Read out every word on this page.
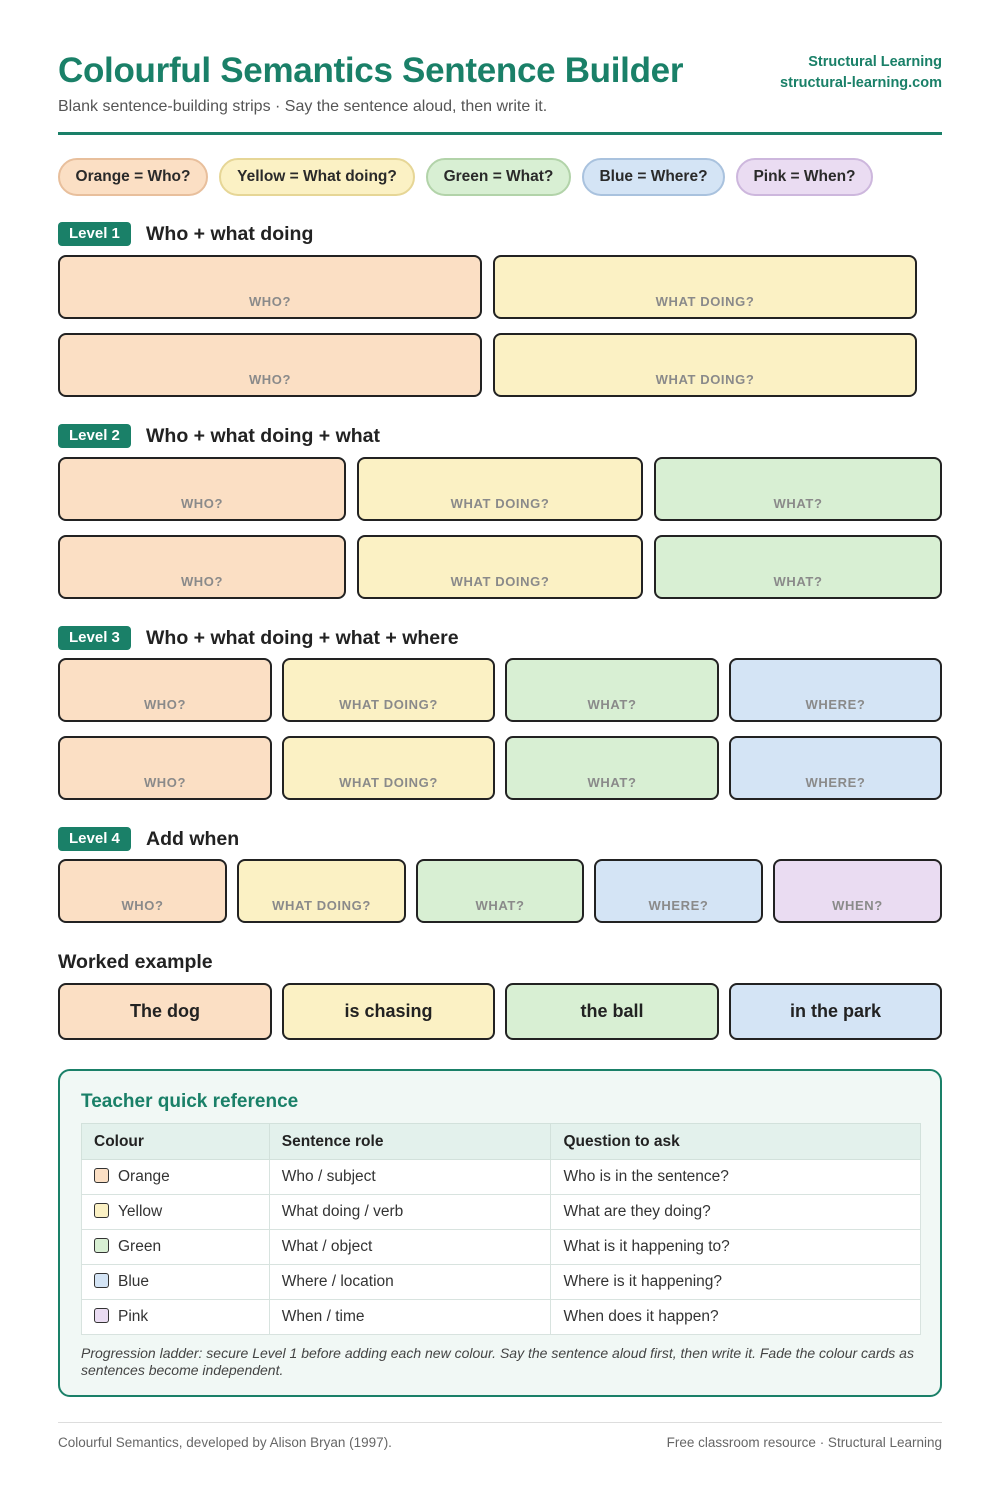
Colourful Semantics Sentence Builder
Blank sentence-building strips · Say the sentence aloud, then write it.
Structural Learning
structural-learning.com
Orange = Who?	Yellow = What doing?	Green = What?	Blue = Where?	Pink = When?
Level 1	Who + what doing
WHO?	WHAT DOING?
WHO?	WHAT DOING?
Level 2	Who + what doing + what
WHO?	WHAT DOING?	WHAT?
WHO?	WHAT DOING?	WHAT?
Level 3	Who + what doing + what + where
WHO?	WHAT DOING?	WHAT?	WHERE?
WHO?	WHAT DOING?	WHAT?	WHERE?
Level 4	Add when
WHO?	WHAT DOING?	WHAT?	WHERE?	WHEN?
Worked example
The dog	is chasing	the ball	in the park
Teacher quick reference
Colour	Sentence role	Question to ask
Orange	Who / subject	Who is in the sentence?
Yellow	What doing / verb	What are they doing?
Green	What / object	What is it happening to?
Blue	Where / location	Where is it happening?
Pink	When / time	When does it happen?
Progression ladder: secure Level 1 before adding each new colour. Say the sentence aloud first, then write it. Fade the colour cards as sentences become independent.
Colourful Semantics, developed by Alison Bryan (1997).	Free classroom resource · Structural Learning
